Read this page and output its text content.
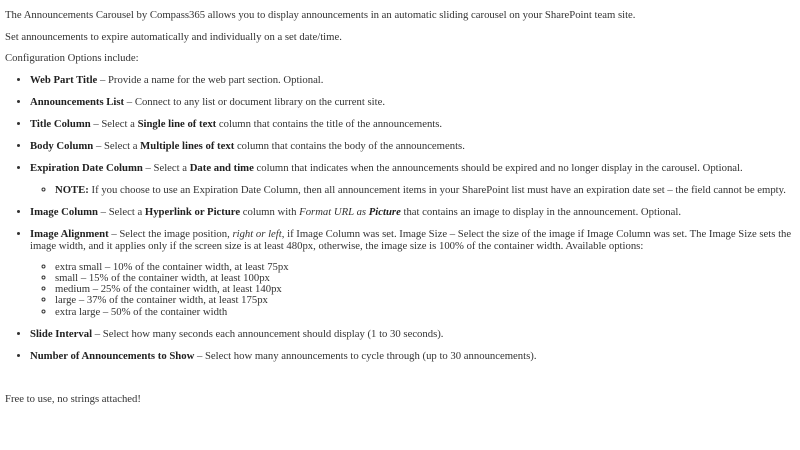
The Announcements Carousel by Compass365 allows you to display announcements in an automatic sliding carousel on your SharePoint team site.

Set announcements to expire automatically and individually on a set date/time.

Configuration Options include:

• Web Part Title – Provide a name for the web part section. Optional.
• Announcements List – Connect to any list or document library on the current site.
• Title Column – Select a Single line of text column that contains the title of the announcements.
• Body Column – Select a Multiple lines of text column that contains the body of the announcements.
• Expiration Date Column – Select a Date and time column that indicates when the announcements should be expired and no longer display in the carousel. Optional.
◦ NOTE: If you choose to use an Expiration Date Column, then all announcement items in your SharePoint list must have an expiration date set – the field cannot be empty.
• Image Column – Select a Hyperlink or Picture column with Format URL as Picture that contains an image to display in the announcement. Optional.
• Image Alignment – Select the image position, right or left, if Image Column was set. Image Size – Select the size of the image if Image Column was set. The Image Size sets the image width, and it applies only if the screen size is at least 480px, otherwise, the image size is 100% of the container width. Available options:
◦ extra small – 10% of the container width, at least 75px
◦ small – 15% of the container width, at least 100px
◦ medium – 25% of the container width, at least 140px
◦ large – 37% of the container width, at least 175px
◦ extra large – 50% of the container width
• Slide Interval – Select how many seconds each announcement should display (1 to 30 seconds).
• Number of Announcements to Show – Select how many announcements to cycle through (up to 30 announcements).

Free to use, no strings attached!
